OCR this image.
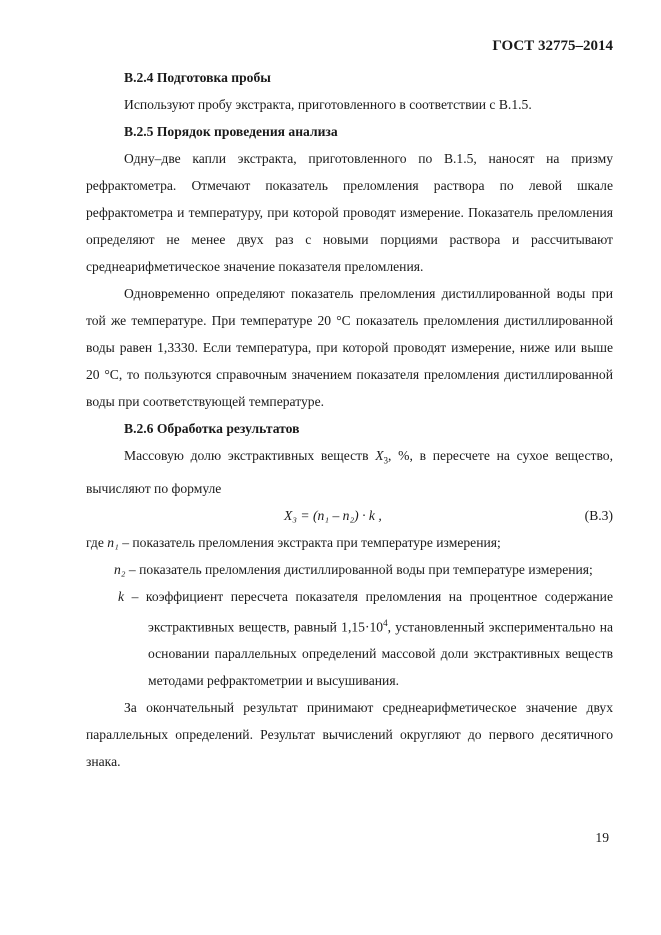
ГОСТ 32775–2014
В.2.4 Подготовка пробы

Используют пробу экстракта, приготовленного в соответствии с В.1.5.

В.2.5 Порядок проведения анализа

Одну–две капли экстракта, приготовленного по В.1.5, наносят на призму рефрактометра. Отмечают показатель преломления раствора по левой шкале рефрактометра и температуру, при которой проводят измерение. Показатель преломления определяют не менее двух раз с новыми порциями раствора и рассчитывают среднеарифметическое значение показателя преломления.

Одновременно определяют показатель преломления дистиллированной воды при той же температуре. При температуре 20 °С показатель преломления дистиллированной воды равен 1,3330. Если температура, при которой проводят измерение, ниже или выше 20 °С, то пользуются справочным значением показателя преломления дистиллированной воды при соответствующей температуре.

В.2.6 Обработка результатов

Массовую долю экстрактивных веществ $X_3$, %, в пересчете на сухое вещество, вычисляют по формуле

X₃ = (n₁ – n₂) · k ,	(В.3)

где n₁ – показатель преломления экстракта при температуре измерения;

n₂ – показатель преломления дистиллированной воды при температуре измерения;

k – коэффициент пересчета показателя преломления на процентное содержание экстрактивных веществ, равный $1,15\cdot 10^4$, установленный экспериментально на основании параллельных определений массовой доли экстрактивных веществ методами рефрактометрии и высушивания.

За окончательный результат принимают среднеарифметическое значение двух параллельных определений. Результат вычислений округляют до первого десятичного знака.

19
